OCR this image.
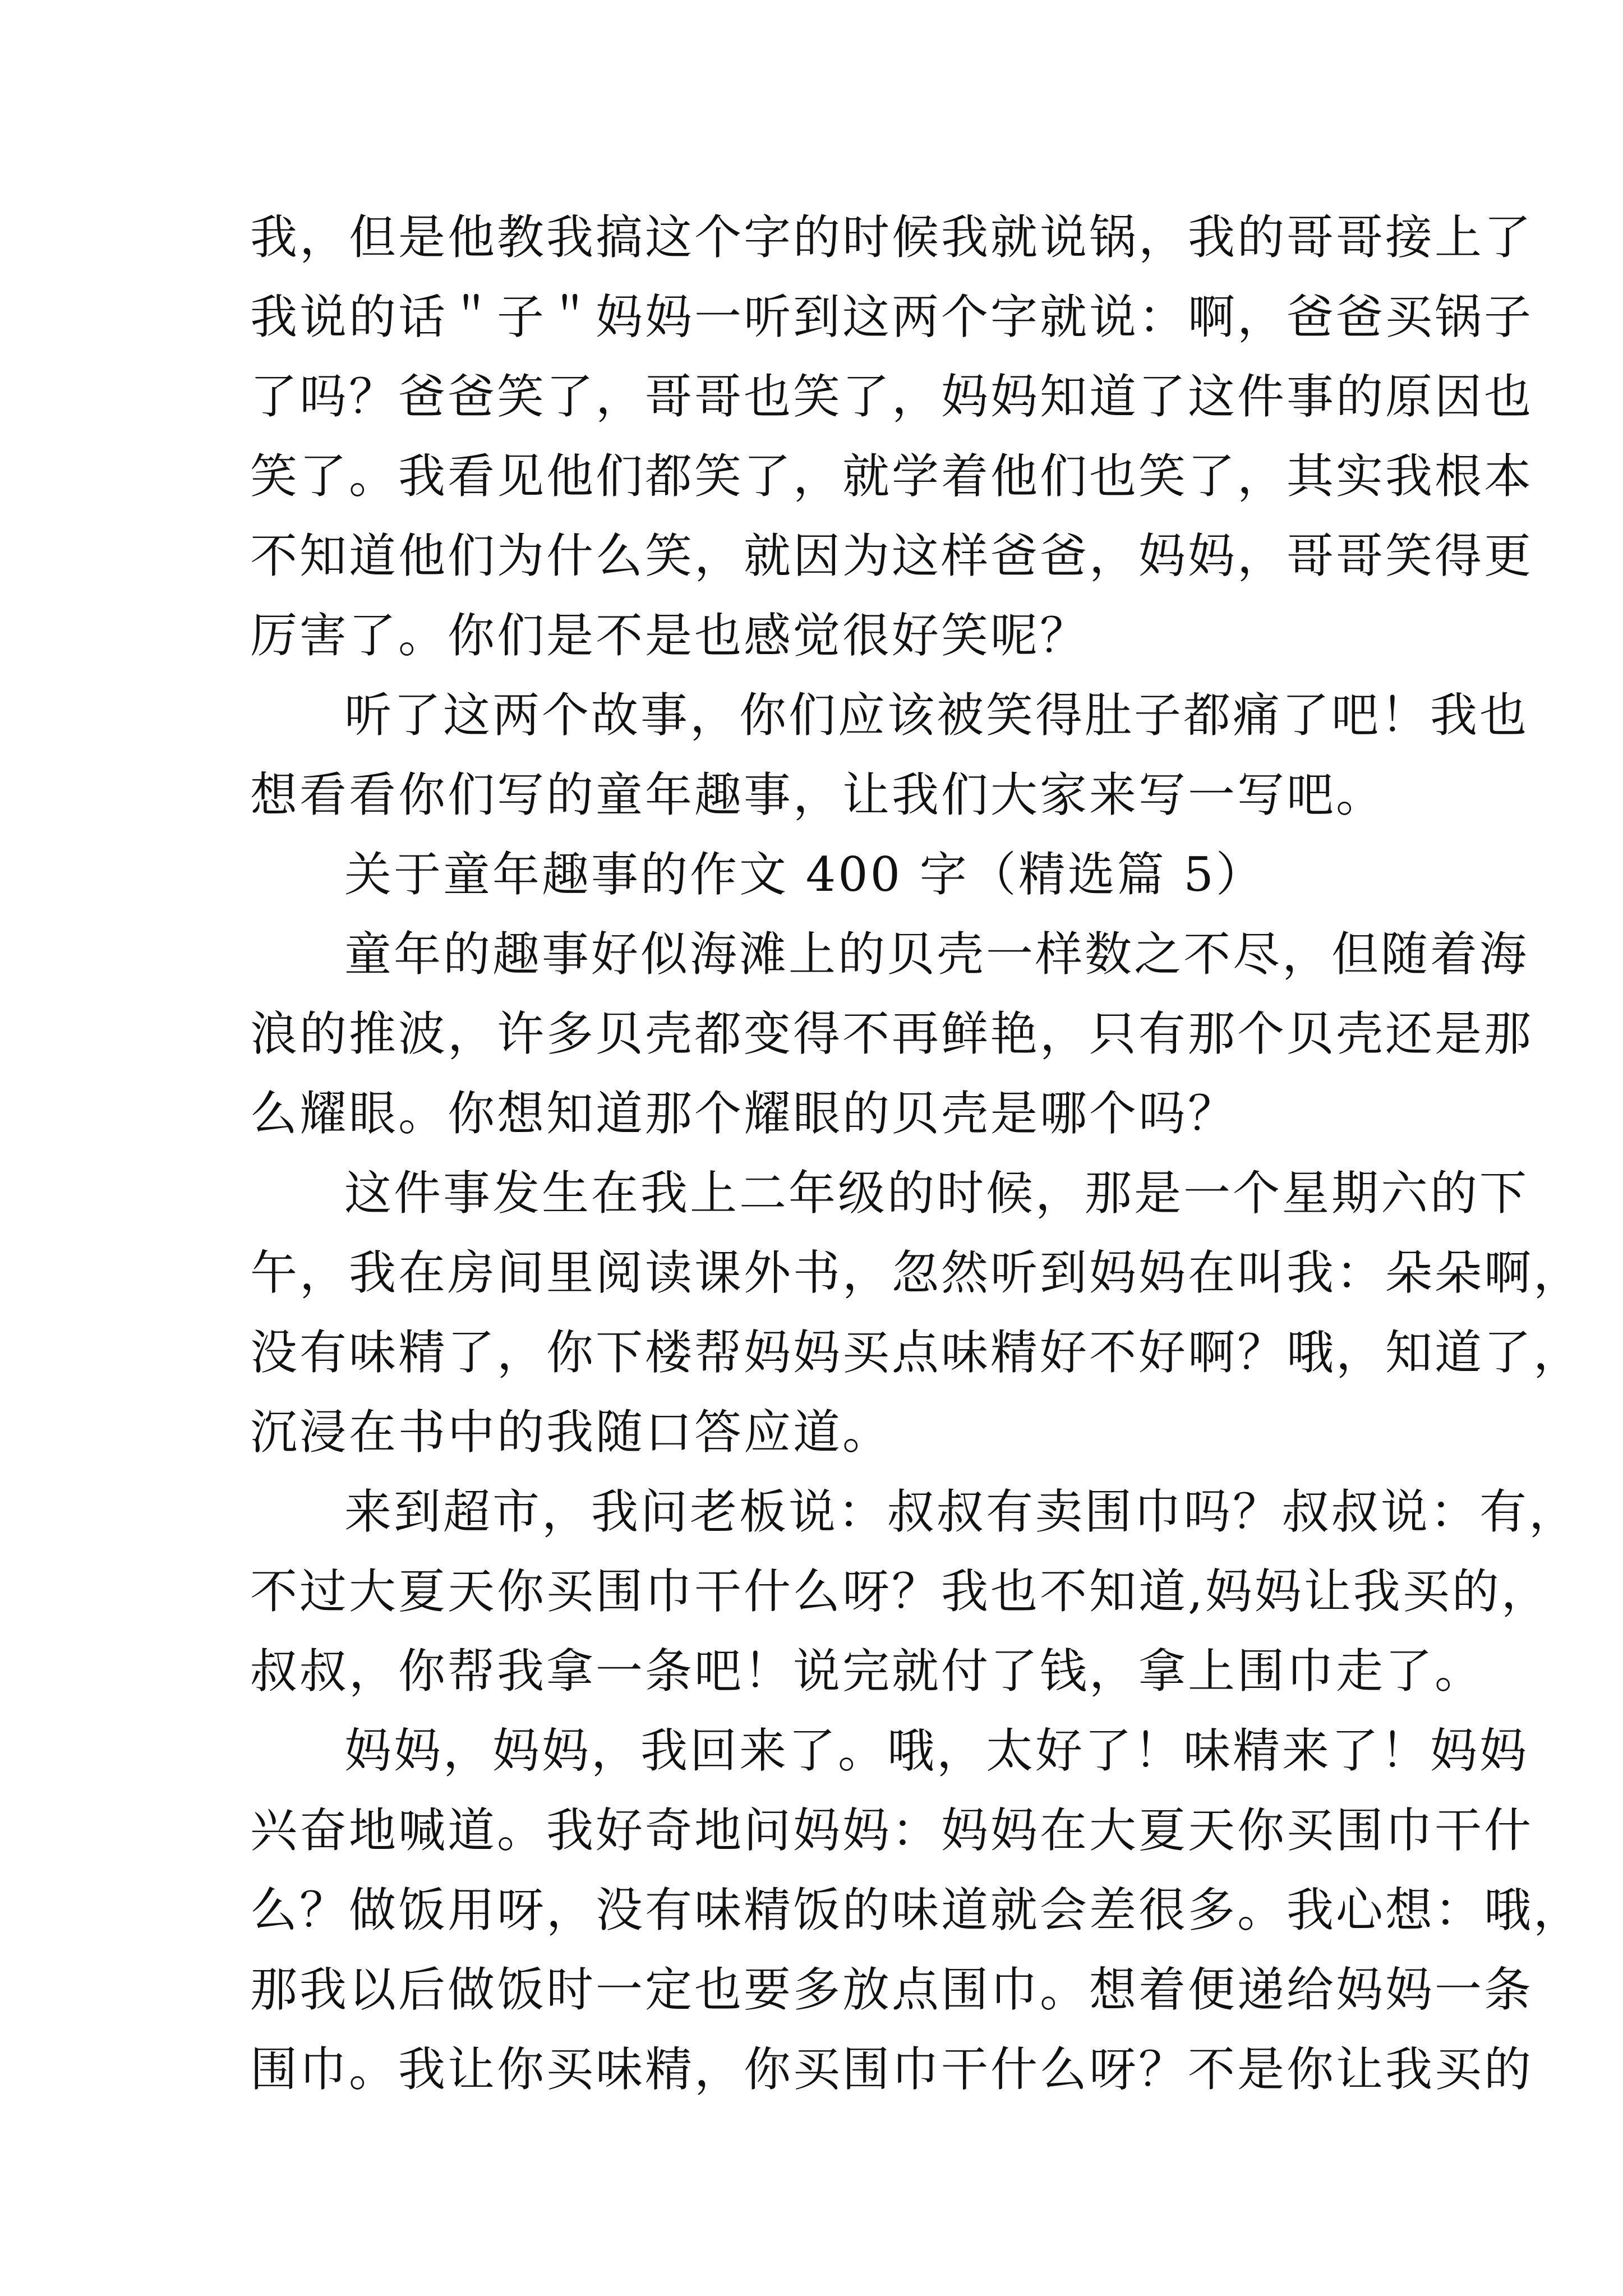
我，但是他教我搞这个字的时候我就说锅，我的哥哥接上了
我说的话＂子＂妈妈一听到这两个字就说：啊，爸爸买锅子
了吗？爸爸笑了，哥哥也笑了，妈妈知道了这件事的原因也
笑了。我看见他们都笑了，就学着他们也笑了，其实我根本
不知道他们为什么笑，就因为这样爸爸，妈妈，哥哥笑得更
厉害了。你们是不是也感觉很好笑呢？
听了这两个故事，你们应该被笑得肚子都痛了吧！我也
想看看你们写的童年趣事，让我们大家来写一写吧。
关于童年趣事的作文 400 字（精选篇 5）
童年的趣事好似海滩上的贝壳一样数之不尽，但随着海
浪的推波，许多贝壳都变得不再鲜艳，只有那个贝壳还是那
么耀眼。你想知道那个耀眼的贝壳是哪个吗？
这件事发生在我上二年级的时候，那是一个星期六的下
午，我在房间里阅读课外书，忽然听到妈妈在叫我：朵朵啊，
没有味精了，你下楼帮妈妈买点味精好不好啊？哦，知道了，
沉浸在书中的我随口答应道。
来到超市，我问老板说：叔叔有卖围巾吗？叔叔说：有，
不过大夏天你买围巾干什么呀？我也不知道,妈妈让我买的，
叔叔，你帮我拿一条吧！说完就付了钱，拿上围巾走了。
妈妈，妈妈，我回来了。哦，太好了！味精来了！妈妈
兴奋地喊道。我好奇地问妈妈：妈妈在大夏天你买围巾干什
么？做饭用呀，没有味精饭的味道就会差很多。我心想：哦，
那我以后做饭时一定也要多放点围巾。想着便递给妈妈一条
围巾。我让你买味精，你买围巾干什么呀？不是你让我买的
